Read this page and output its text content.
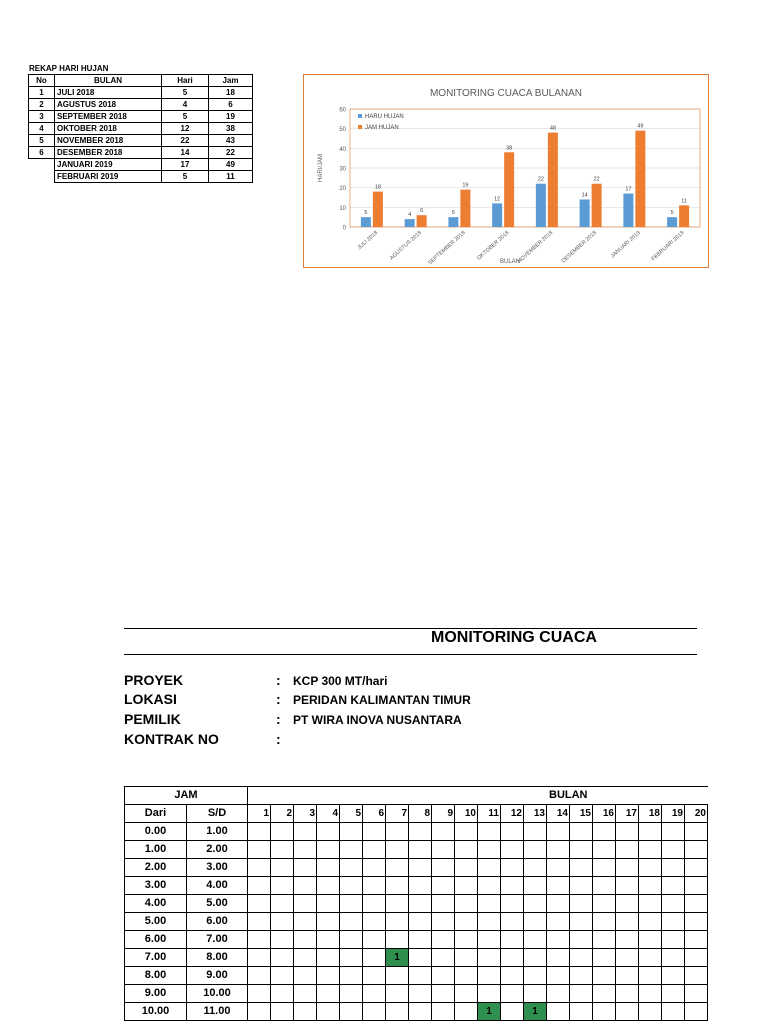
REKAP HARI HUJAN
No	BULAN	Hari	Jam
1	JULI 2018	5	18
2	AGUSTUS 2018	4	6
3	SEPTEMBER 2018	5	19
4	OKTOBER 2018	12	38
5	NOVEMBER 2018	22	43
6	DESEMBER 2018	14	22
	JANUARI 2019	17	49
	FEBRUARI 2019	5	11
MONITORING CUACA BULANAN
0
10
20
30
40
50
60
5	4	5
12
22
14
17
5
18
6
19
38
48
22
49
11
JULI 2018 AGUSTUS 2018 SEPTEMBER 2018 OKTOBER 2018 NOVEMBER 2018 DESEMBER 2018 JANUARI 2019 FEBRUARI 2019
BULAN
HARI/JAM
HARU HUJAN
JAM HUJAN
MONITORING CUACA
PROYEK	: KCP 300 MT/hari
LOKASI	: PERIDAN KALIMANTAN TIMUR
PEMILIK	: PT WIRA INOVA NUSANTARA
KONTRAK NO	:
JAM		BULAN																			
Dari	S/D	1	2	3	4	5	6	7	8	9	10	11	12	13	14	15	16	17	18	19	20
0.00	1.00																				
1.00	2.00																				
2.00	3.00																				
3.00	4.00																				
4.00	5.00																				
5.00	6.00																				
6.00	7.00																				
7.00	8.00							1													
8.00	9.00																				
9.00	10.00																				
10.00	11.00											1		1							
